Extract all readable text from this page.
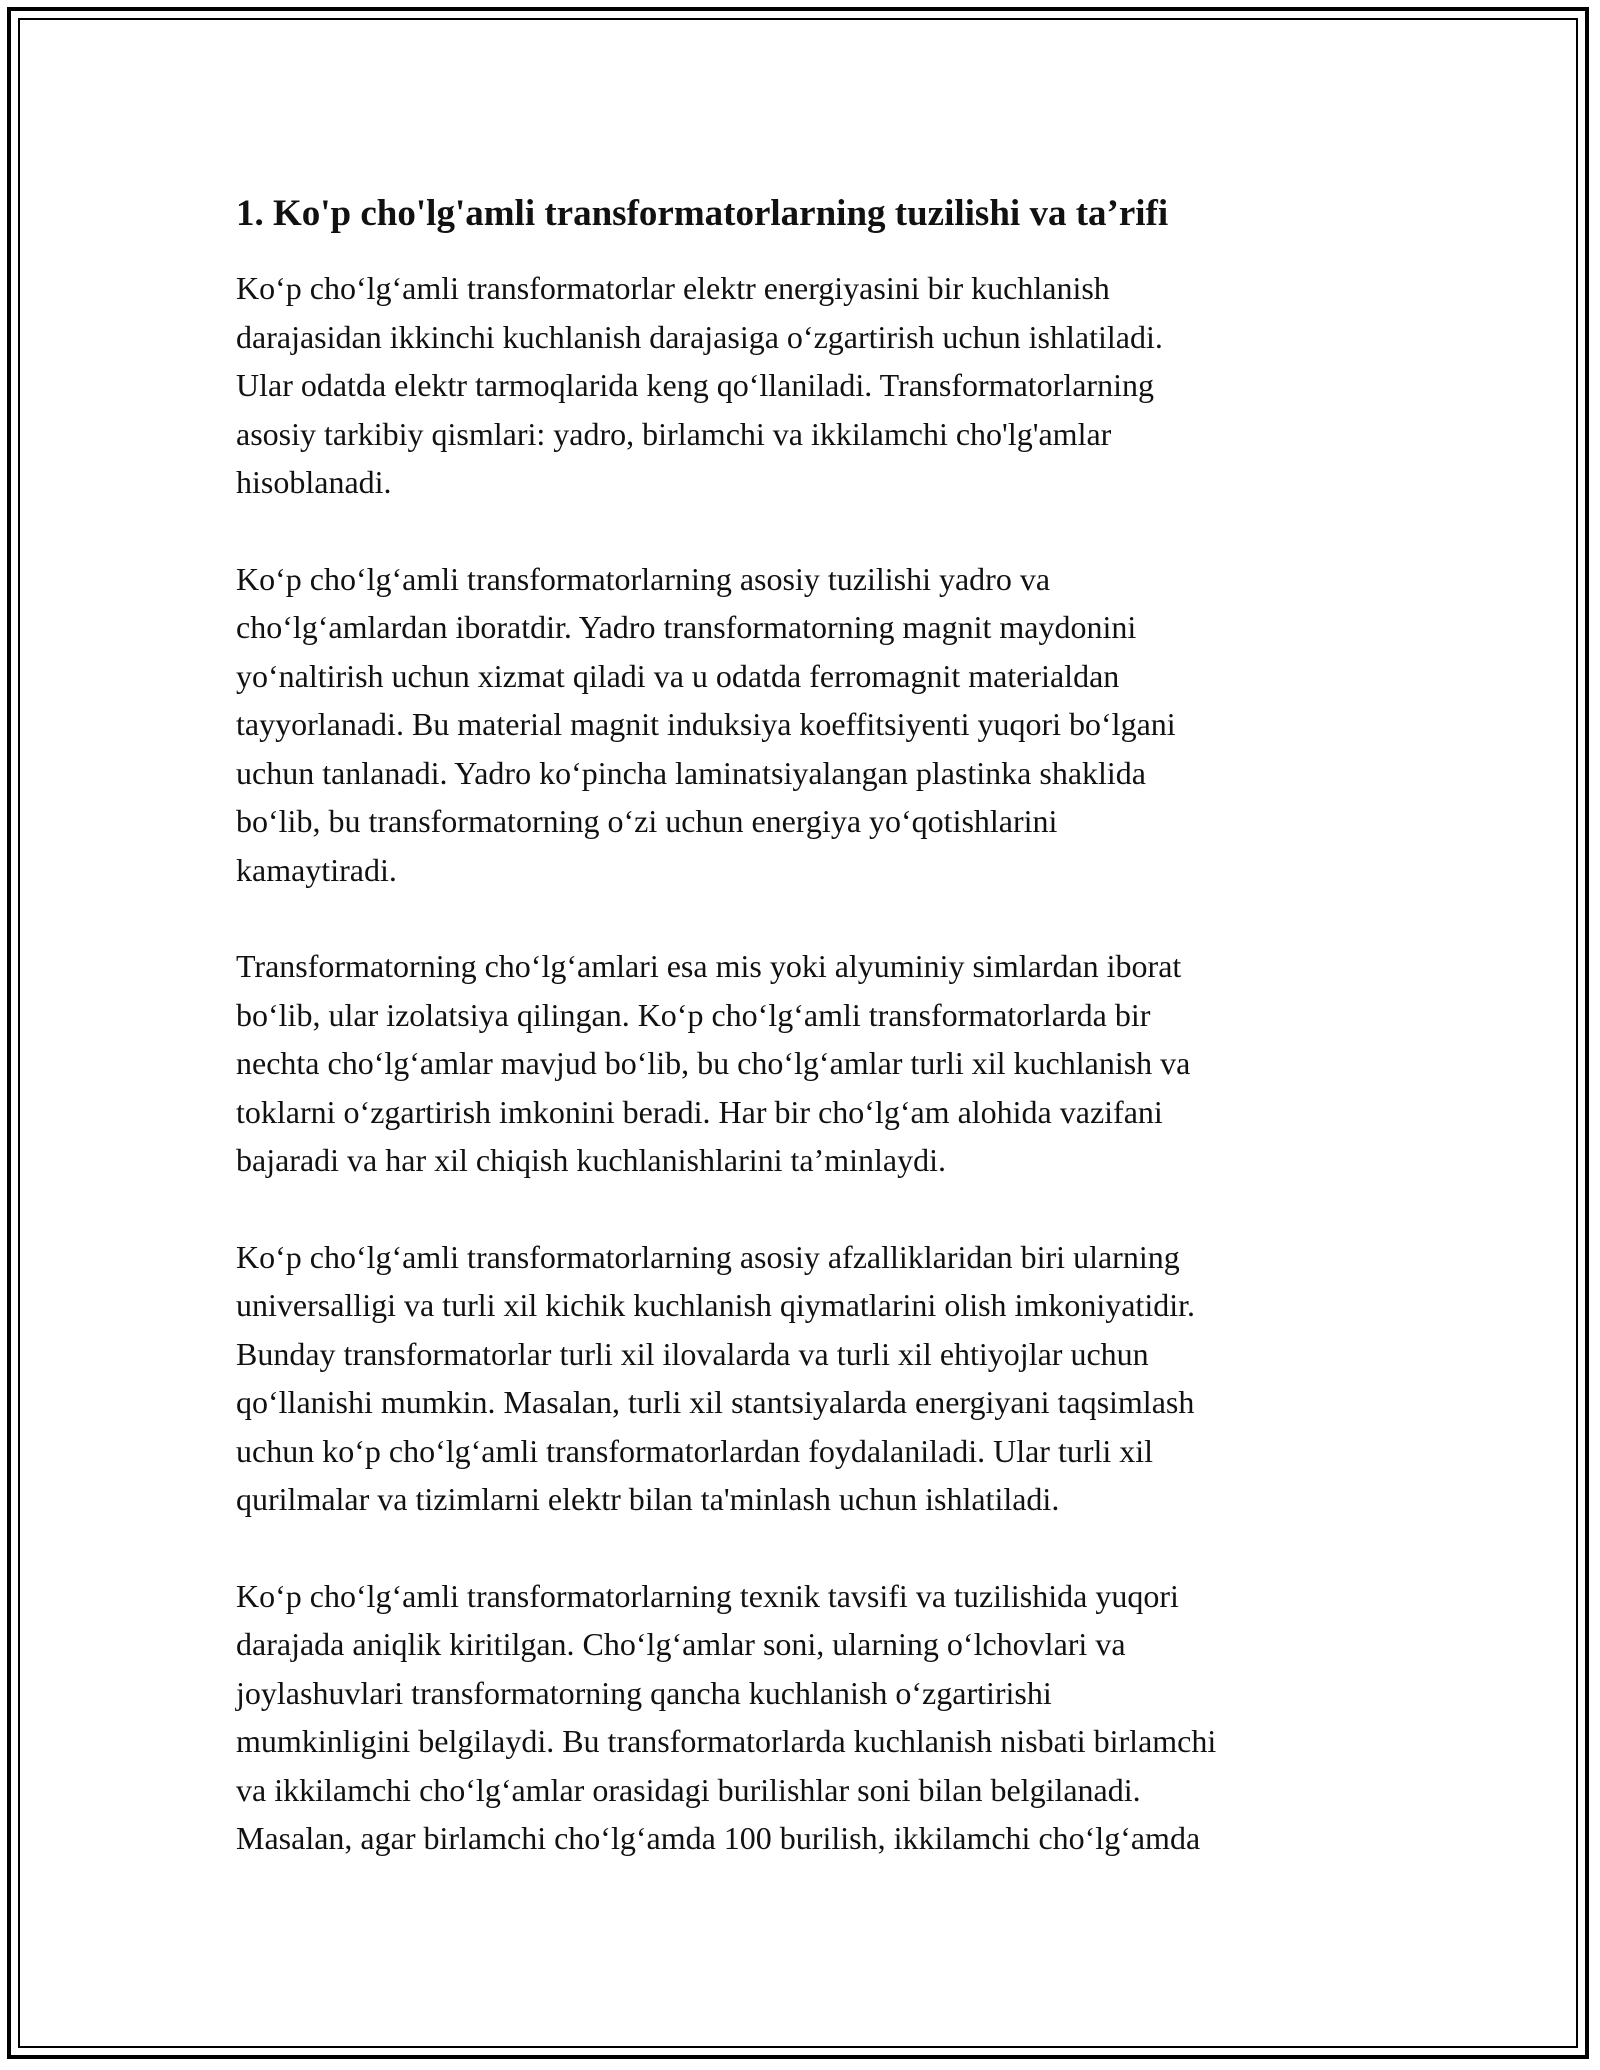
1. Ko'p cho'lg'amli transformatorlarning tuzilishi va ta’rifi

Koʻp choʻlgʻamli transformatorlar elektr energiyasini bir kuchlanish
darajasidan ikkinchi kuchlanish darajasiga oʻzgartirish uchun ishlatiladi.
Ular odatda elektr tarmoqlarida keng qoʻllaniladi. Transformatorlarning
asosiy tarkibiy qismlari: yadro, birlamchi va ikkilamchi cho'lg'amlar
hisoblanadi.

Koʻp choʻlgʻamli transformatorlarning asosiy tuzilishi yadro va
choʻlgʻamlardan iboratdir. Yadro transformatorning magnit maydonini
yoʻnaltirish uchun xizmat qiladi va u odatda ferromagnit materialdan
tayyorlanadi. Bu material magnit induksiya koeffitsiyenti yuqori boʻlgani
uchun tanlanadi. Yadro koʻpincha laminatsiyalangan plastinka shaklida
boʻlib, bu transformatorning oʻzi uchun energiya yoʻqotishlarini
kamaytiradi.

Transformatorning choʻlgʻamlari esa mis yoki alyuminiy simlardan iborat
boʻlib, ular izolatsiya qilingan. Koʻp choʻlgʻamli transformatorlarda bir
nechta choʻlgʻamlar mavjud boʻlib, bu choʻlgʻamlar turli xil kuchlanish va
toklarni oʻzgartirish imkonini beradi. Har bir choʻlgʻam alohida vazifani
bajaradi va har xil chiqish kuchlanishlarini taʼminlaydi.

Koʻp choʻlgʻamli transformatorlarning asosiy afzalliklaridan biri ularning
universalligi va turli xil kichik kuchlanish qiymatlarini olish imkoniyatidir.
Bunday transformatorlar turli xil ilovalarda va turli xil ehtiyojlar uchun
qoʻllanishi mumkin. Masalan, turli xil stantsiyalarda energiyani taqsimlash
uchun koʻp choʻlgʻamli transformatorlardan foydalaniladi. Ular turli xil
qurilmalar va tizimlarni elektr bilan ta'minlash uchun ishlatiladi.

Koʻp choʻlgʻamli transformatorlarning texnik tavsifi va tuzilishida yuqori
darajada aniqlik kiritilgan. Choʻlgʻamlar soni, ularning oʻlchovlari va
joylashuvlari transformatorning qancha kuchlanish oʻzgartirishi
mumkinligini belgilaydi. Bu transformatorlarda kuchlanish nisbati birlamchi
va ikkilamchi choʻlgʻamlar orasidagi burilishlar soni bilan belgilanadi.
Masalan, agar birlamchi choʻlgʻamda 100 burilish, ikkilamchi choʻlgʻamda
